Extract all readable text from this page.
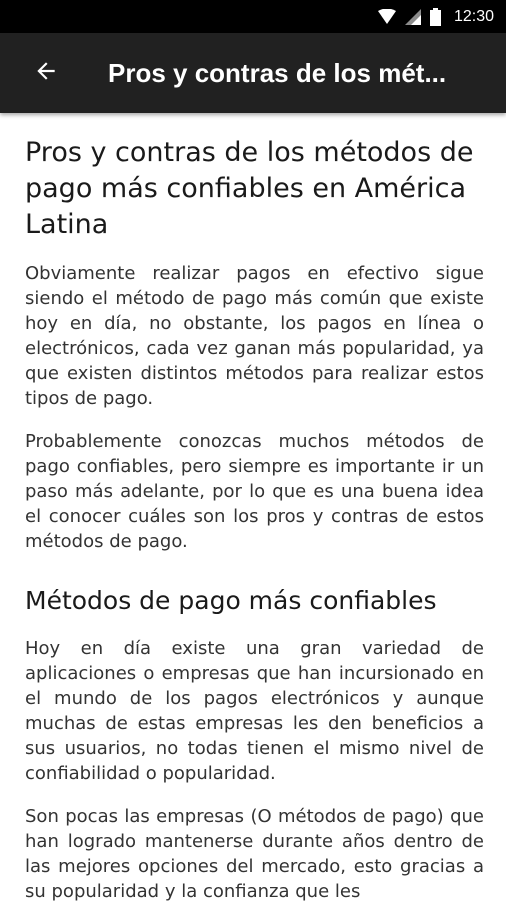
12:30
Pros y contras de los mét...
Pros y contras de los métodos de pago más confiables en América Latina

Obviamente realizar pagos en efectivo sigue siendo el método de pago más común que existe hoy en día, no obstante, los pagos en línea o electrónicos, cada vez ganan más popularidad, ya que existen distintos métodos para realizar estos tipos de pago.

Probablemente conozcas muchos métodos de pago confiables, pero siempre es importante ir un paso más adelante, por lo que es una buena idea el conocer cuáles son los pros y contras de estos métodos de pago.

Métodos de pago más confiables

Hoy en día existe una gran variedad de aplicaciones o empresas que han incursionado en el mundo de los pagos electrónicos y aunque muchas de estas empresas les den beneficios a sus usuarios, no todas tienen el mismo nivel de confiabilidad o popularidad.

Son pocas las empresas (O métodos de pago) que han logrado mantenerse durante años dentro de las mejores opciones del mercado, esto gracias a su popularidad y la confianza que les
